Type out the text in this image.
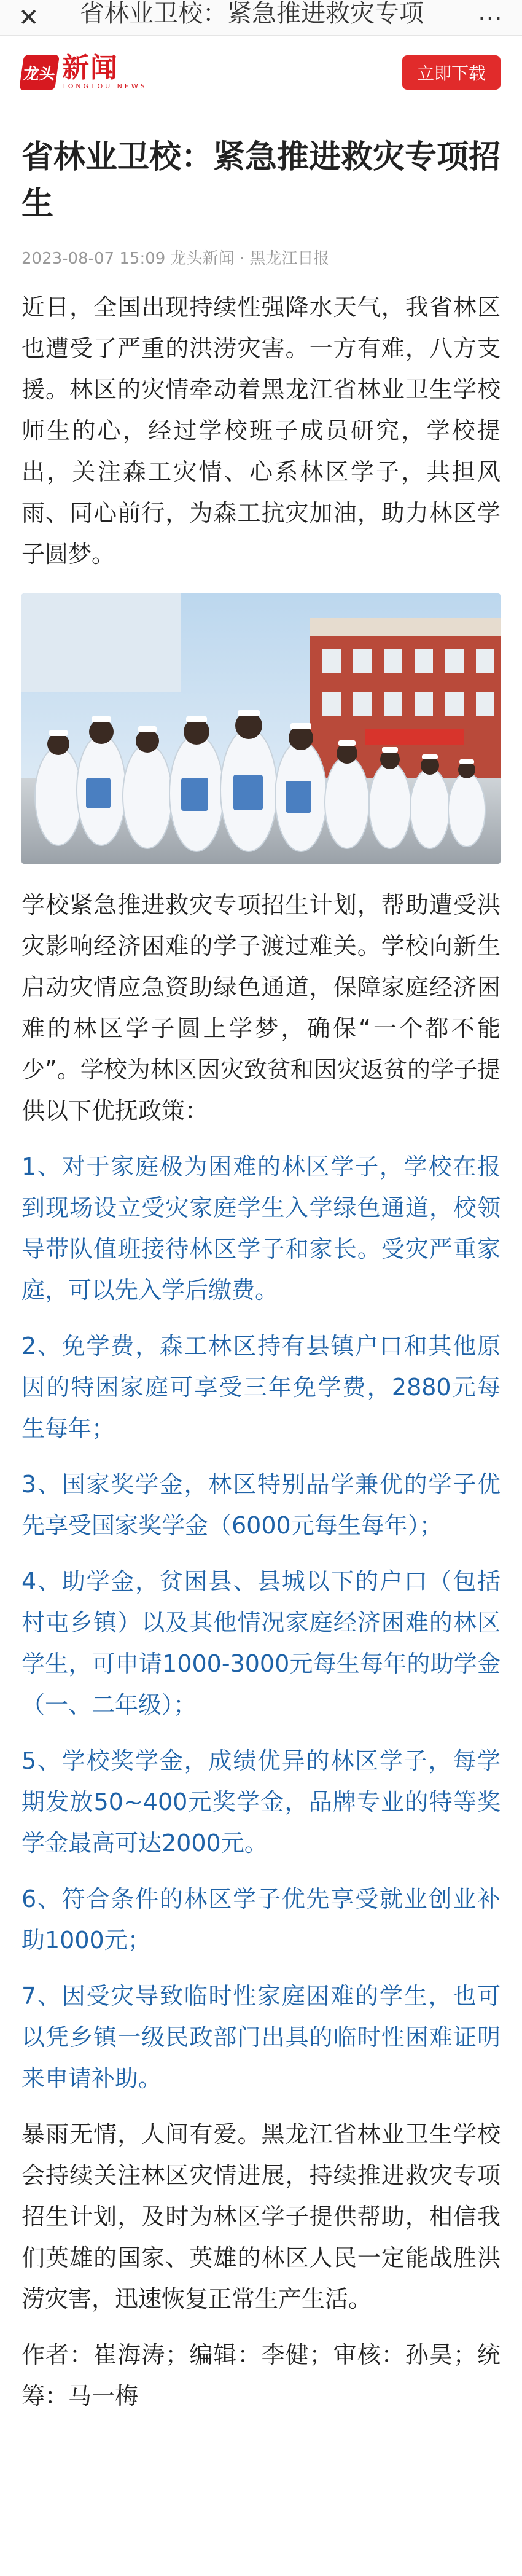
✕	省林业卫校：紧急推进救灾专项	⋯
龙头 新闻
LONGTOU NEWS
立即下载
省林业卫校：紧急推进救灾专项招生
2023-08-07 15:09 龙头新闻 · 黑龙江日报

近日，全国出现持续性强降水天气，我省林区也遭受了严重的洪涝灾害。一方有难，八方支援。林区的灾情牵动着黑龙江省林业卫生学校师生的心，经过学校班子成员研究，学校提出，关注森工灾情、心系林区学子，共担风雨、同心前行，为森工抗灾加油，助力林区学子圆梦。

学校紧急推进救灾专项招生计划，帮助遭受洪灾影响经济困难的学子渡过难关。学校向新生启动灾情应急资助绿色通道，保障家庭经济困难的林区学子圆上学梦，确保“一个都不能少”。学校为林区因灾致贫和因灾返贫的学子提供以下优抚政策：

1、对于家庭极为困难的林区学子，学校在报到现场设立受灾家庭学生入学绿色通道，校领导带队值班接待林区学子和家长。受灾严重家庭，可以先入学后缴费。

2、免学费，森工林区持有县镇户口和其他原因的特困家庭可享受三年免学费，2880元每生每年；

3、国家奖学金，林区特别品学兼优的学子优先享受国家奖学金（6000元每生每年）；

4、助学金，贫困县、县城以下的户口（包括村屯乡镇）以及其他情况家庭经济困难的林区学生，可申请1000-3000元每生每年的助学金（一、二年级）；

5、学校奖学金，成绩优异的林区学子，每学期发放50~400元奖学金，品牌专业的特等奖学金最高可达2000元。

6、符合条件的林区学子优先享受就业创业补助1000元；

7、因受灾导致临时性家庭困难的学生，也可以凭乡镇一级民政部门出具的临时性困难证明来申请补助。

暴雨无情，人间有爱。黑龙江省林业卫生学校会持续关注林区灾情进展，持续推进救灾专项招生计划，及时为林区学子提供帮助，相信我们英雄的国家、英雄的林区人民一定能战胜洪涝灾害，迅速恢复正常生产生活。

作者：崔海涛；编辑：李健；审核：孙昊；统筹：马一梅
